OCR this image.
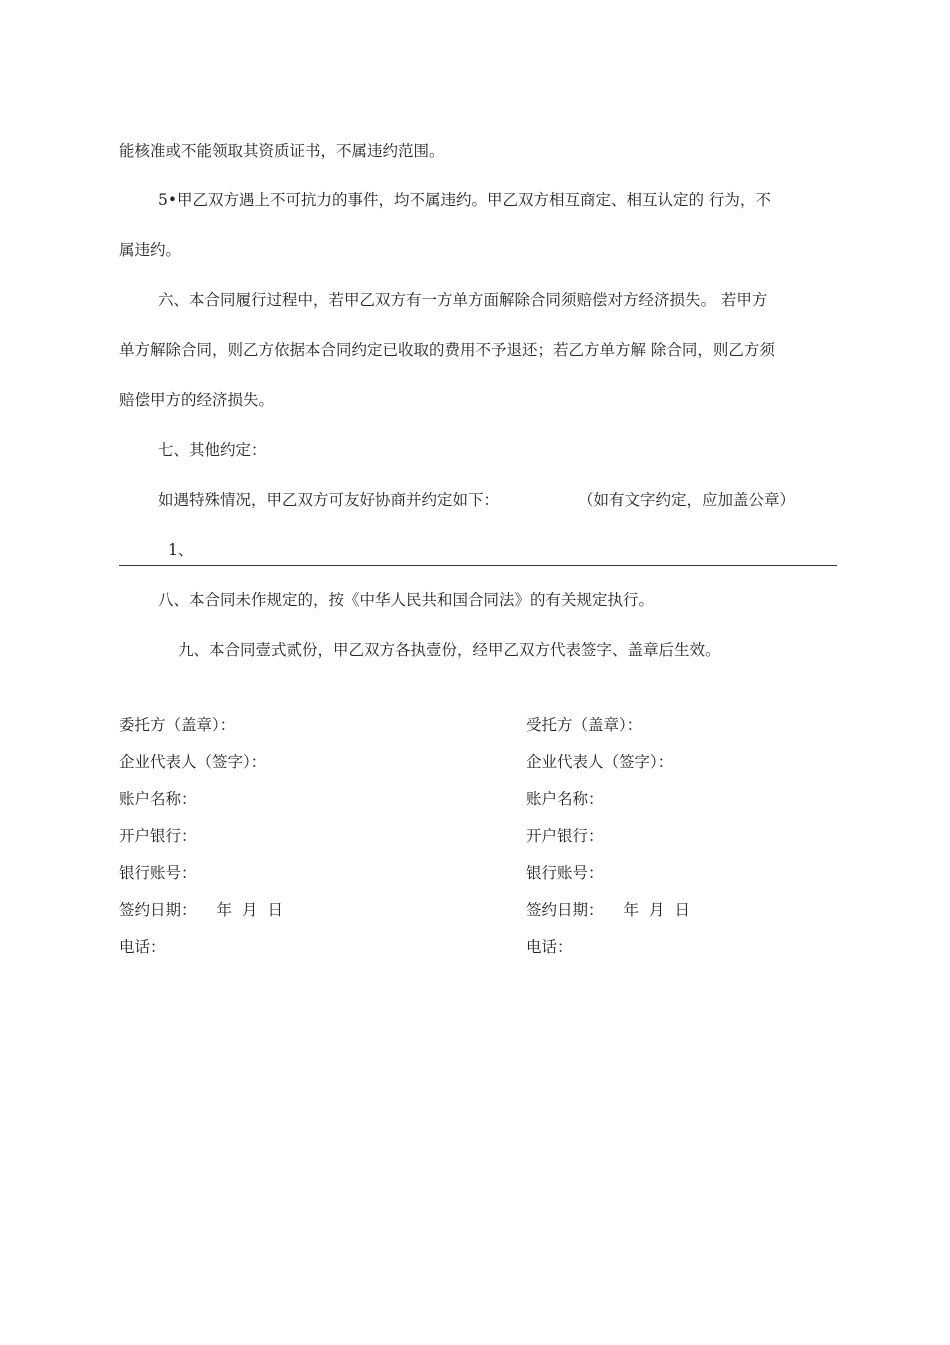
能核准或不能领取其资质证书，不属违约范围。
5•甲乙双方遇上不可抗力的事件，均不属违约。甲乙双方相互商定、相互认定的 行为，不
属违约。
六、本合同履行过程中，若甲乙双方有一方单方面解除合同须赔偿对方经济损失。 若甲方
单方解除合同，则乙方依据本合同约定已收取的费用不予退还；若乙方单方解 除合同，则乙方须
赔偿甲方的经济损失。
七、其他约定：
如遇特殊情况，甲乙双方可友好协商并约定如下：	（如有文字约定，应加盖公章）
1、
八、本合同未作规定的，按《中华人民共和国合同法》的有关规定执行。
九、本合同壹式贰份，甲乙双方各执壹份，经甲乙双方代表签字、盖章后生效。
委托方（盖章）：
企业代表人（签字）：
账户名称：
开户银行：
银行账号：
签约日期： 年 月 日
电话：
受托方（盖章）：
企业代表人（签字）：
账户名称：
开户银行：
银行账号：
签约日期： 年 月 日
电话：
